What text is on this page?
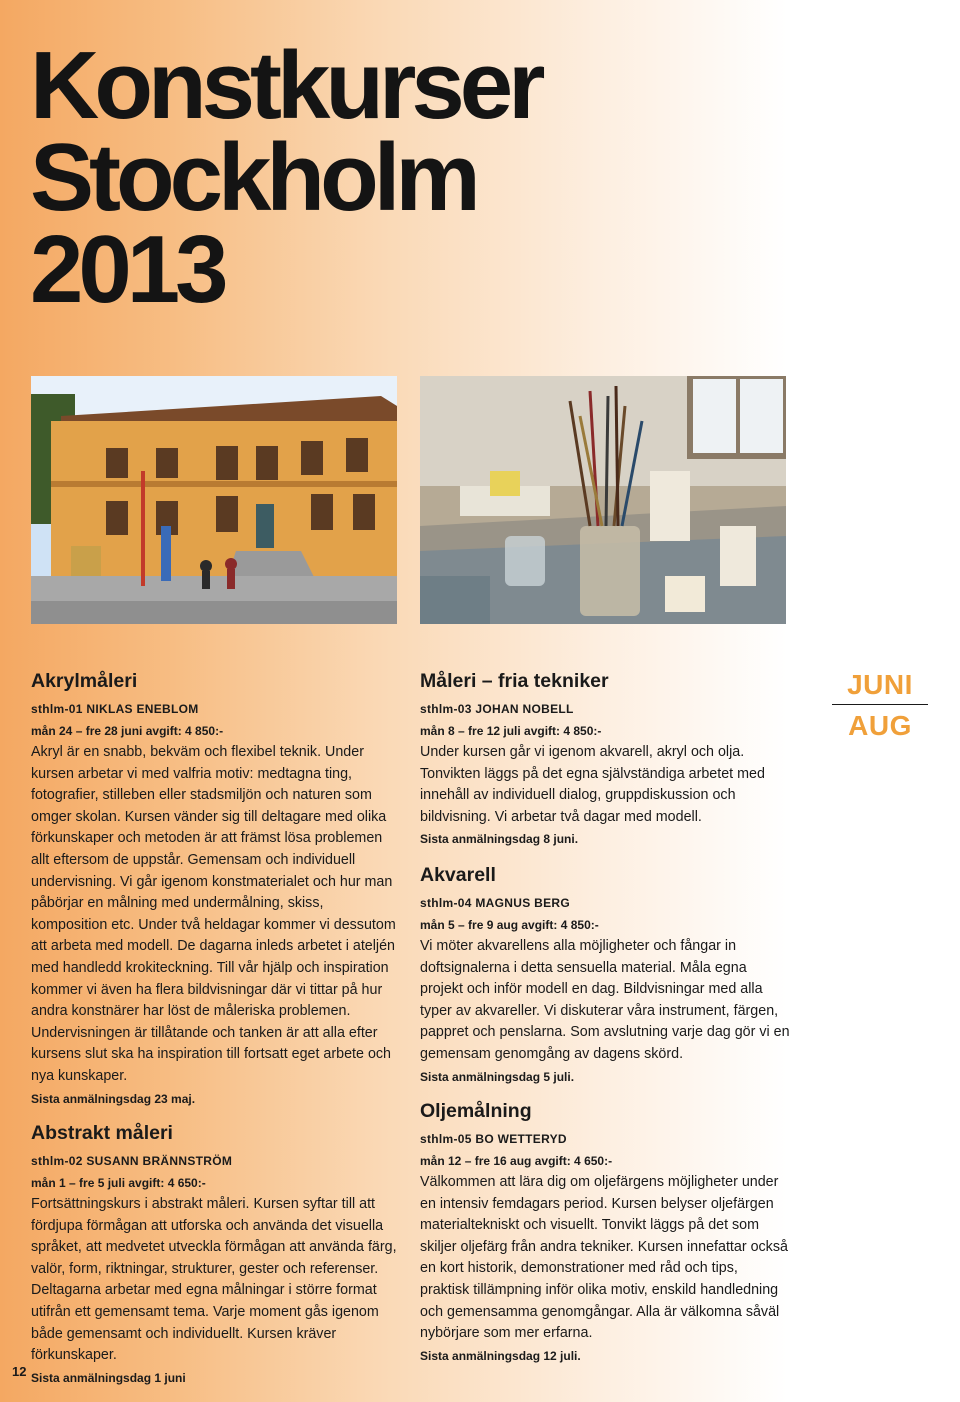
Konstkurser
Stockholm
2013
Akrylmåleri
sthlm-01 NIKLAS ENEBLOM
mån 24 – fre 28 juni avgift: 4 850:-

Akryl är en snabb, bekväm och flexibel teknik. Under kursen arbetar vi med valfria motiv: medtagna ting, fotografier, stilleben eller stadsmiljön och naturen som omger skolan. Kursen vänder sig till deltagare med olika förkunskaper och metoden är att främst lösa problemen allt eftersom de uppstår. Gemensam och individuell undervisning. Vi går igenom konstmaterialet och hur man påbörjar en målning med undermålning, skiss, komposition etc. Under två heldagar kommer vi dessutom att arbeta med modell. De dagarna inleds arbetet i ateljén med handledd krokiteckning. Till vår hjälp och inspiration kommer vi även ha flera bildvisningar där vi tittar på hur andra konstnärer har löst de måleriska problemen. Undervisningen är tillåtande och tanken är att alla efter kursens slut ska ha inspiration till fortsatt eget arbete och nya kunskaper.

Sista anmälningsdag 23 maj.
Abstrakt måleri
sthlm-02 SUSANN BRÄNNSTRÖM
mån 1 – fre 5 juli avgift: 4 650:-

Fortsättningskurs i abstrakt måleri. Kursen syftar till att fördjupa förmågan att utforska och använda det visuella språket, att medvetet utveckla förmågan att använda färg, valör, form, riktningar, strukturer, gester och referenser. Deltagarna arbetar med egna målningar i större format utifrån ett gemensamt tema. Varje moment gås igenom både gemensamt och individuellt. Kursen kräver förkunskaper.

Sista anmälningsdag 1 juni
Måleri – fria tekniker
sthlm-03 JOHAN NOBELL
mån 8 – fre 12 juli avgift: 4 850:-

Under kursen går vi igenom akvarell, akryl och olja. Tonvikten läggs på det egna självständiga arbetet med innehåll av individuell dialog, gruppdiskussion och bildvisning. Vi arbetar två dagar med modell.

Sista anmälningsdag 8 juni.
Akvarell
sthlm-04 MAGNUS BERG
mån 5 – fre 9 aug avgift: 4 850:-

Vi möter akvarellens alla möjligheter och fångar in doftsignalerna i detta sensuella material. Måla egna projekt och inför modell en dag. Bildvisningar med alla typer av akvareller. Vi diskuterar våra instrument, färgen, pappret och penslarna. Som avslutning varje dag gör vi en gemensam genomgång av dagens skörd.

Sista anmälningsdag 5 juli.
Oljemålning
sthlm-05 BO WETTERYD
mån 12 – fre 16 aug avgift: 4 650:-

Välkommen att lära dig om oljefärgens möjligheter under en intensiv femdagars period. Kursen belyser oljefärgen materialtekniskt och visuellt. Tonvikt läggs på det som skiljer oljefärg från andra tekniker. Kursen innefattar också en kort historik, demonstrationer med råd och tips, praktisk tillämpning inför olika motiv, enskild handledning och gemensamma genomgångar. Alla är välkomna såväl nybörjare som mer erfarna.

Sista anmälningsdag 12 juli.
JUNI
AUG
12
